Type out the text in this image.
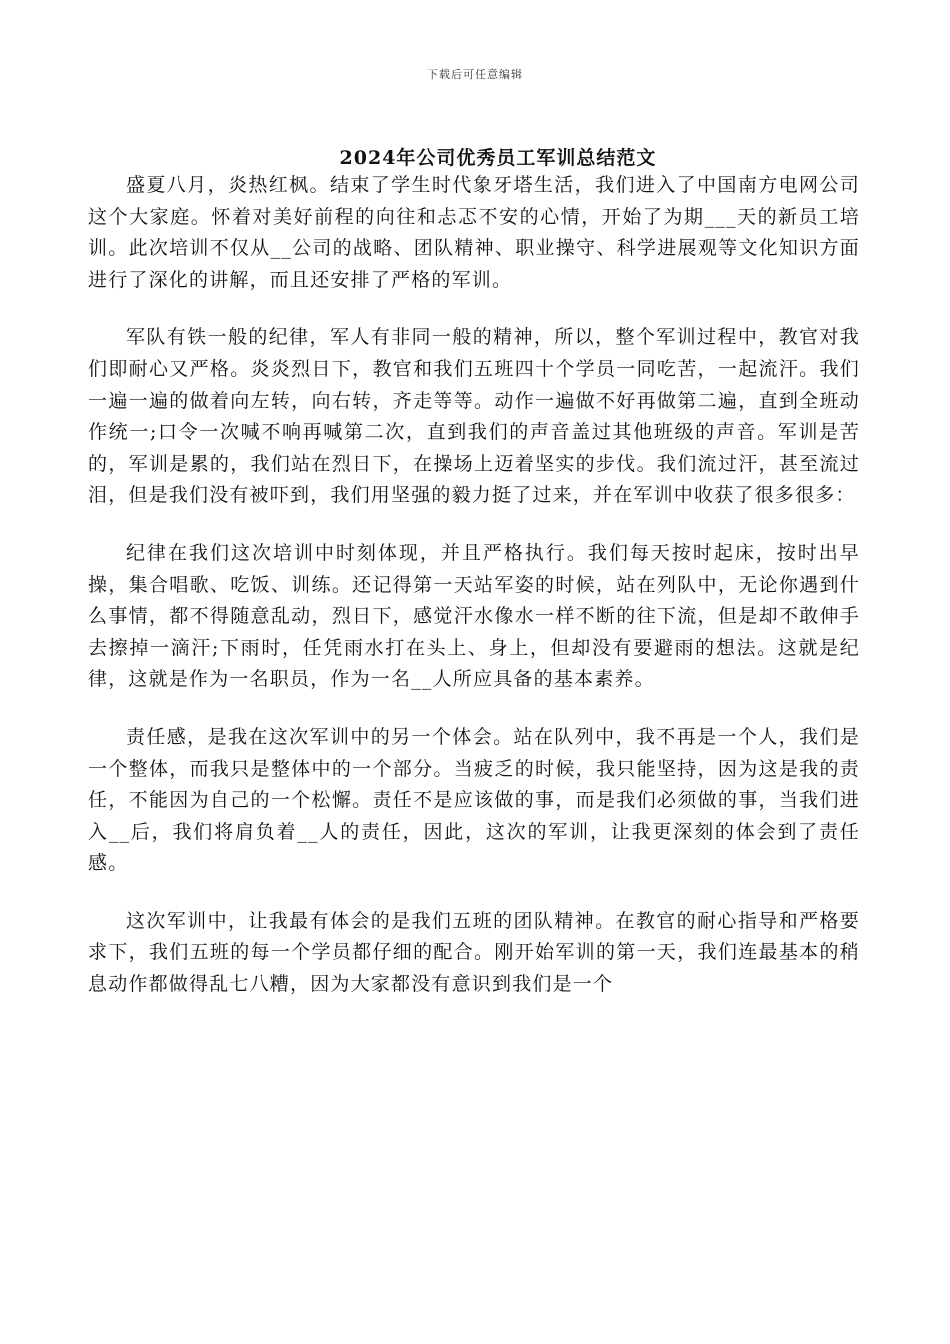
下载后可任意编辑
2024年公司优秀员工军训总结范文

盛夏八月，炎热红枫。结束了学生时代象牙塔生活，我们进入了中国南方电网公司这个大家庭。怀着对美好前程的向往和忐忑不安的心情，开始了为期___天的新员工培训。此次培训不仅从__公司的战略、团队精神、职业操守、科学进展观等文化知识方面进行了深化的讲解，而且还安排了严格的军训。

军队有铁一般的纪律，军人有非同一般的精神，所以，整个军训过程中，教官对我们即耐心又严格。炎炎烈日下，教官和我们五班四十个学员一同吃苦，一起流汗。我们一遍一遍的做着向左转，向右转，齐走等等。动作一遍做不好再做第二遍，直到全班动作统一;口令一次喊不响再喊第二次，直到我们的声音盖过其他班级的声音。军训是苦的，军训是累的，我们站在烈日下，在操场上迈着坚实的步伐。我们流过汗，甚至流过泪，但是我们没有被吓到，我们用坚强的毅力挺了过来，并在军训中收获了很多很多：

纪律在我们这次培训中时刻体现，并且严格执行。我们每天按时起床，按时出早操，集合唱歌、吃饭、训练。还记得第一天站军姿的时候，站在列队中，无论你遇到什么事情，都不得随意乱动，烈日下，感觉汗水像水一样不断的往下流，但是却不敢伸手去擦掉一滴汗;下雨时，任凭雨水打在头上、身上，但却没有要避雨的想法。这就是纪律，这就是作为一名职员，作为一名__人所应具备的基本素养。

责任感，是我在这次军训中的另一个体会。站在队列中，我不再是一个人，我们是一个整体，而我只是整体中的一个部分。当疲乏的时候，我只能坚持，因为这是我的责任，不能因为自己的一个松懈。责任不是应该做的事，而是我们必须做的事，当我们进入__后，我们将肩负着__人的责任，因此，这次的军训，让我更深刻的体会到了责任感。

这次军训中，让我最有体会的是我们五班的团队精神。在教官的耐心指导和严格要求下，我们五班的每一个学员都仔细的配合。刚开始军训的第一天，我们连最基本的稍息动作都做得乱七八糟，因为大家都没有意识到我们是一个
